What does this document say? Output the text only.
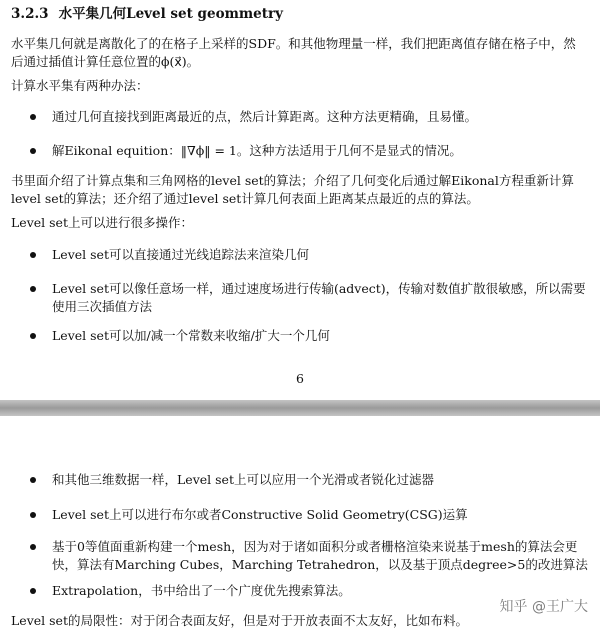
3.2.3 水平集几何Level set geommetry
水平集几何就是离散化了的在格子上采样的SDF。和其他物理量一样，我们把距离值存储在格子中，然
后通过插值计算任意位置的ϕ(x⃗)。
计算水平集有两种办法：
通过几何直接找到距离最近的点，然后计算距离。这种方法更精确，且易懂。
解Eikonal equition：‖∇ϕ‖ = 1。这种方法适用于几何不是显式的情况。
书里面介绍了计算点集和三角网格的level set的算法；介绍了几何变化后通过解Eikonal方程重新计算
level set的算法；还介绍了通过level set计算几何表面上距离某点最近的点的算法。
Level set上可以进行很多操作：
Level set可以直接通过光线追踪法来渲染几何
Level set可以像任意场一样，通过速度场进行传输(advect)，传输对数值扩散很敏感，所以需要
使用三次插值方法
Level set可以加/减一个常数来收缩/扩大一个几何
6
和其他三维数据一样，Level set上可以应用一个光滑或者锐化过滤器
Level set上可以进行布尔或者Constructive Solid Geometry(CSG)运算
基于0等值面重新构建一个mesh，因为对于诸如面积分或者栅格渲染来说基于mesh的算法会更
快，算法有Marching Cubes，Marching Tetrahedron，以及基于顶点degree>5的改进算法
Extrapolation，书中给出了一个广度优先搜索算法。
Level set的局限性：对于闭合表面友好，但是对于开放表面不太友好，比如布料。
知乎 @王广大
